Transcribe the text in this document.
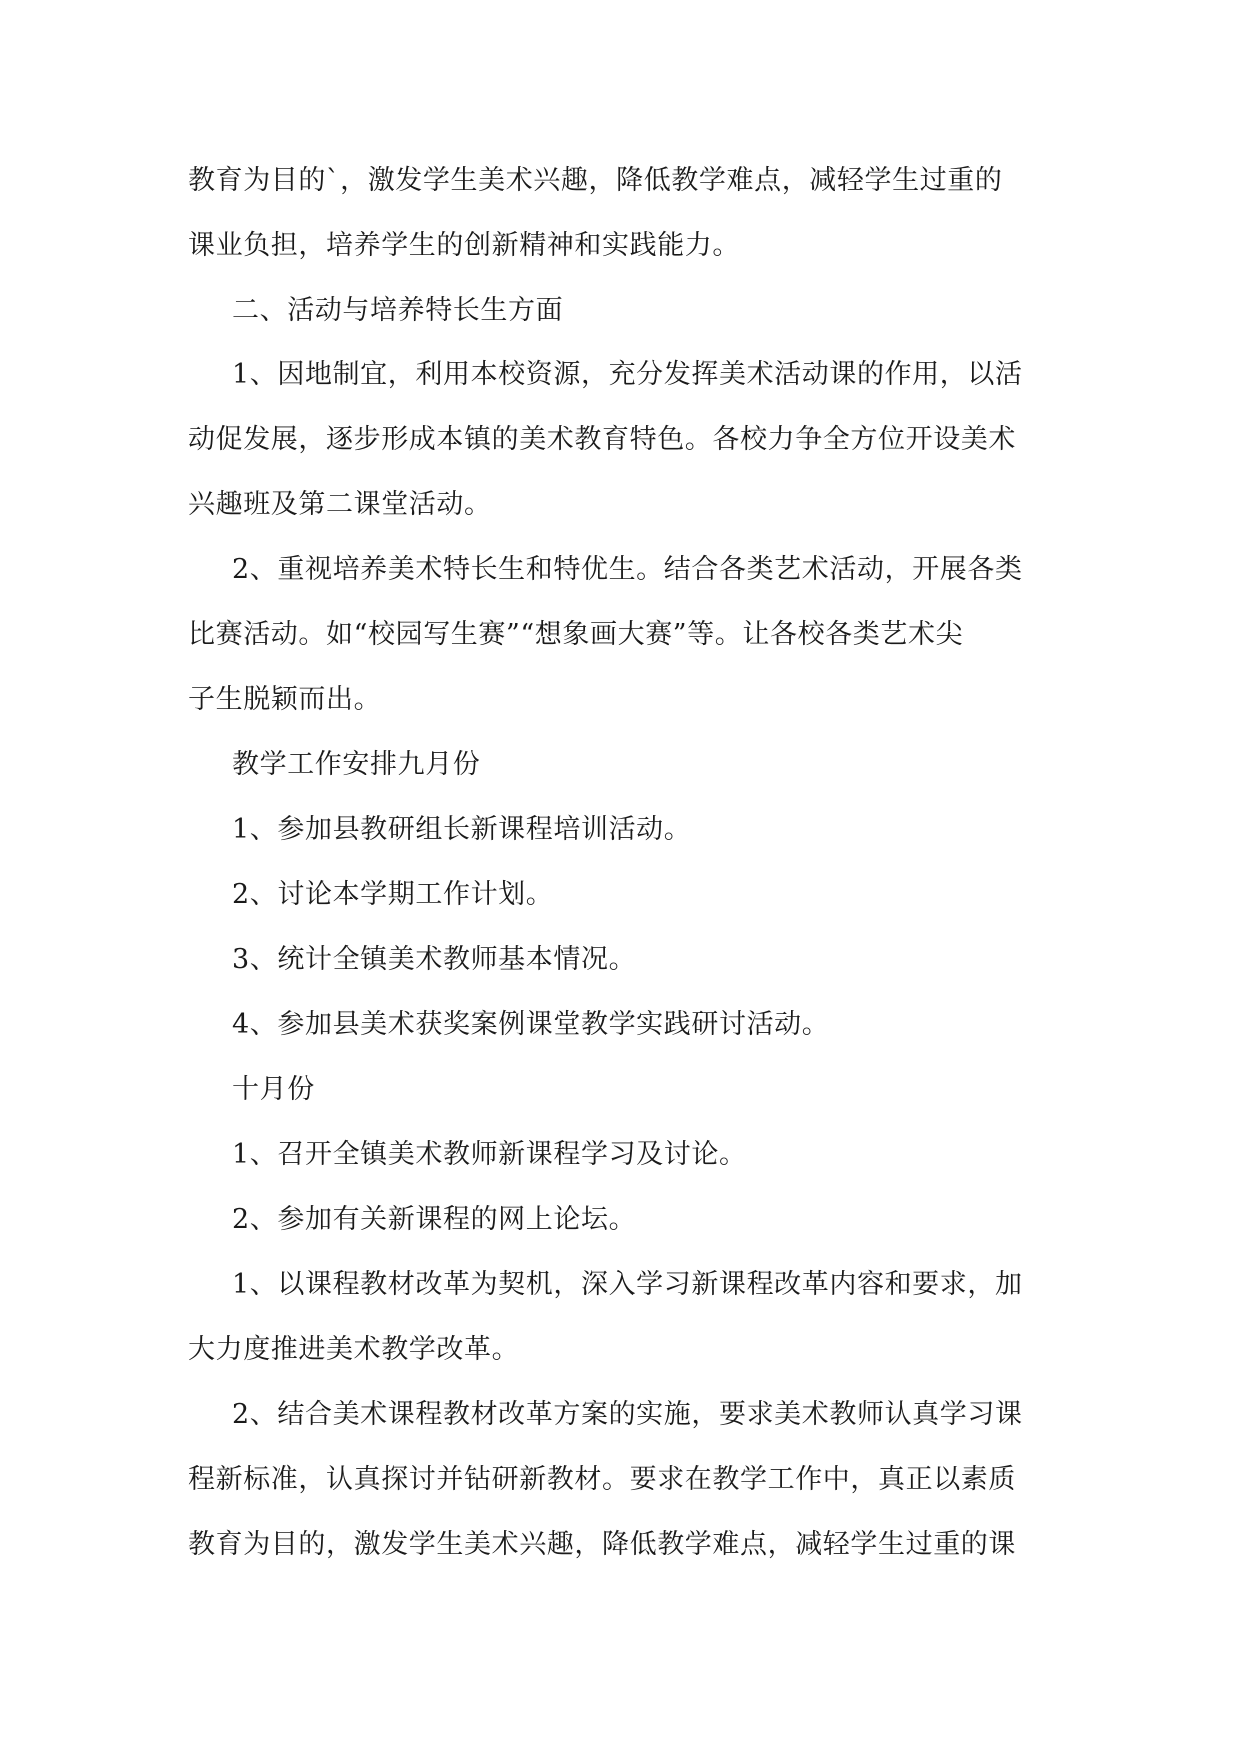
教育为目的`，激发学生美术兴趣，降低教学难点，减轻学生过重的

课业负担，培养学生的创新精神和实践能力。

二、活动与培养特长生方面

1、因地制宜，利用本校资源，充分发挥美术活动课的作用，以活

动促发展，逐步形成本镇的美术教育特色。各校力争全方位开设美术

兴趣班及第二课堂活动。

2、重视培养美术特长生和特优生。结合各类艺术活动，开展各类

比赛活动。如“校园写生赛”“想象画大赛”等。让各校各类艺术尖

子生脱颖而出。

教学工作安排九月份

1、参加县教研组长新课程培训活动。

2、讨论本学期工作计划。

3、统计全镇美术教师基本情况。

4、参加县美术获奖案例课堂教学实践研讨活动。

十月份

1、召开全镇美术教师新课程学习及讨论。

2、参加有关新课程的网上论坛。

1、以课程教材改革为契机，深入学习新课程改革内容和要求，加

大力度推进美术教学改革。

2、结合美术课程教材改革方案的实施，要求美术教师认真学习课

程新标准，认真探讨并钻研新教材。要求在教学工作中，真正以素质

教育为目的，激发学生美术兴趣，降低教学难点，减轻学生过重的课
